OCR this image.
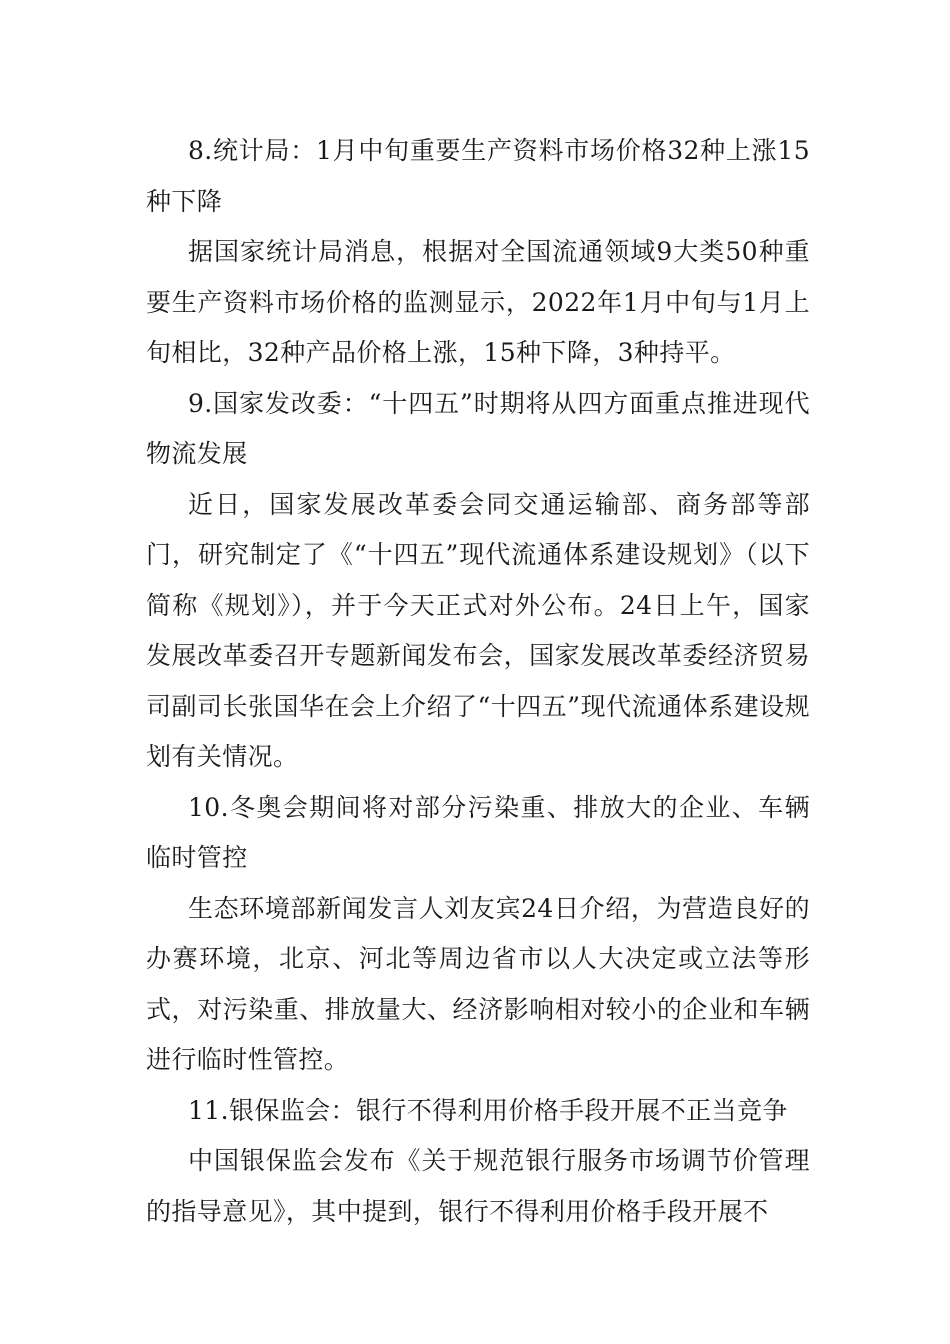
8.统计局：1月中旬重要生产资料市场价格32种上涨15种下降

据国家统计局消息，根据对全国流通领域9大类50种重要生产资料市场价格的监测显示，2022年1月中旬与1月上旬相比，32种产品价格上涨，15种下降，3种持平。

9.国家发改委：“十四五”时期将从四方面重点推进现代物流发展

近日，国家发展改革委会同交通运输部、商务部等部门，研究制定了《“十四五”现代流通体系建设规划》（以下简称《规划》），并于今天正式对外公布。24日上午，国家发展改革委召开专题新闻发布会，国家发展改革委经济贸易司副司长张国华在会上介绍了“十四五”现代流通体系建设规划有关情况。

10.冬奥会期间将对部分污染重、排放大的企业、车辆临时管控

生态环境部新闻发言人刘友宾24日介绍，为营造良好的办赛环境，北京、河北等周边省市以人大决定或立法等形式，对污染重、排放量大、经济影响相对较小的企业和车辆进行临时性管控。

11.银保监会：银行不得利用价格手段开展不正当竞争

中国银保监会发布《关于规范银行服务市场调节价管理的指导意见》，其中提到，银行不得利用价格手段开展不
